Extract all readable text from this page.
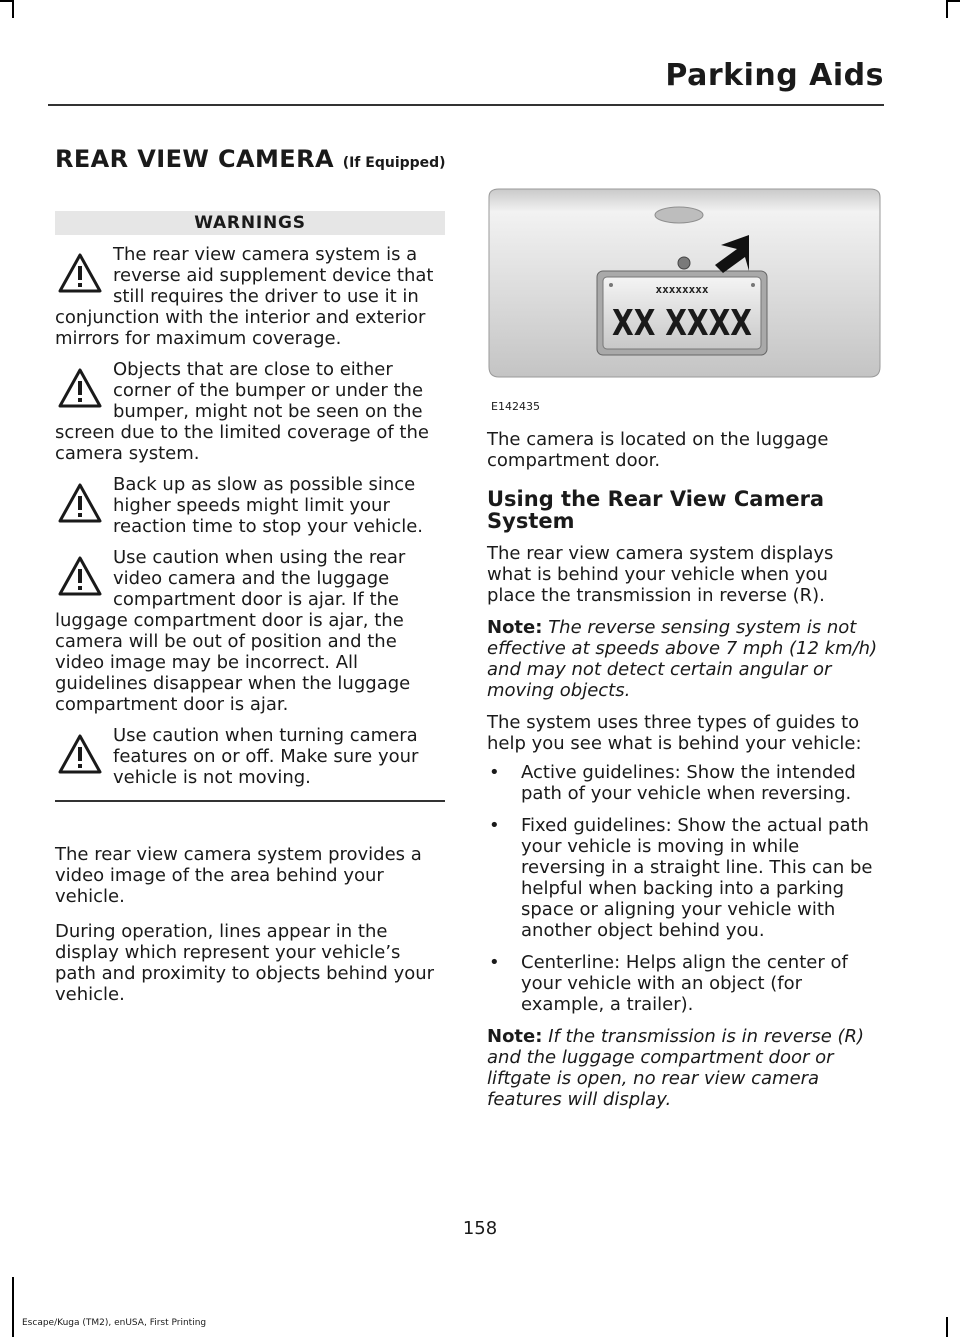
Parking Aids
REAR VIEW CAMERA (If Equipped)
WARNINGS
The rear view camera system is a reverse aid supplement device that still requires the driver to use it in conjunction with the interior and exterior mirrors for maximum coverage.
Objects that are close to either corner of the bumper or under the bumper, might not be seen on the screen due to the limited coverage of the camera system.
Back up as slow as possible since higher speeds might limit your reaction time to stop your vehicle.
Use caution when using the rear video camera and the luggage compartment door is ajar. If the luggage compartment door is ajar, the camera will be out of position and the video image may be incorrect. All guidelines disappear when the luggage compartment door is ajar.
Use caution when turning camera features on or off. Make sure your vehicle is not moving.

The rear view camera system provides a video image of the area behind your vehicle.

During operation, lines appear in the display which represent your vehicle’s path and proximity to objects behind your vehicle.

xxxxxxxx
XX XXXX
E142435

The camera is located on the luggage compartment door.

Using the Rear View Camera System

The rear view camera system displays what is behind your vehicle when you place the transmission in reverse (R).

Note: The reverse sensing system is not effective at speeds above 7 mph (12 km/h) and may not detect certain angular or moving objects.

The system uses three types of guides to help you see what is behind your vehicle:

• Active guidelines: Show the intended path of your vehicle when reversing.
• Fixed guidelines: Show the actual path your vehicle is moving in while reversing in a straight line. This can be helpful when backing into a parking space or aligning your vehicle with another object behind you.
• Centerline: Helps align the center of your vehicle with an object (for example, a trailer).

Note: If the transmission is in reverse (R) and the luggage compartment door or liftgate is open, no rear view camera features will display.

158
Escape/Kuga (TM2), enUSA, First Printing
